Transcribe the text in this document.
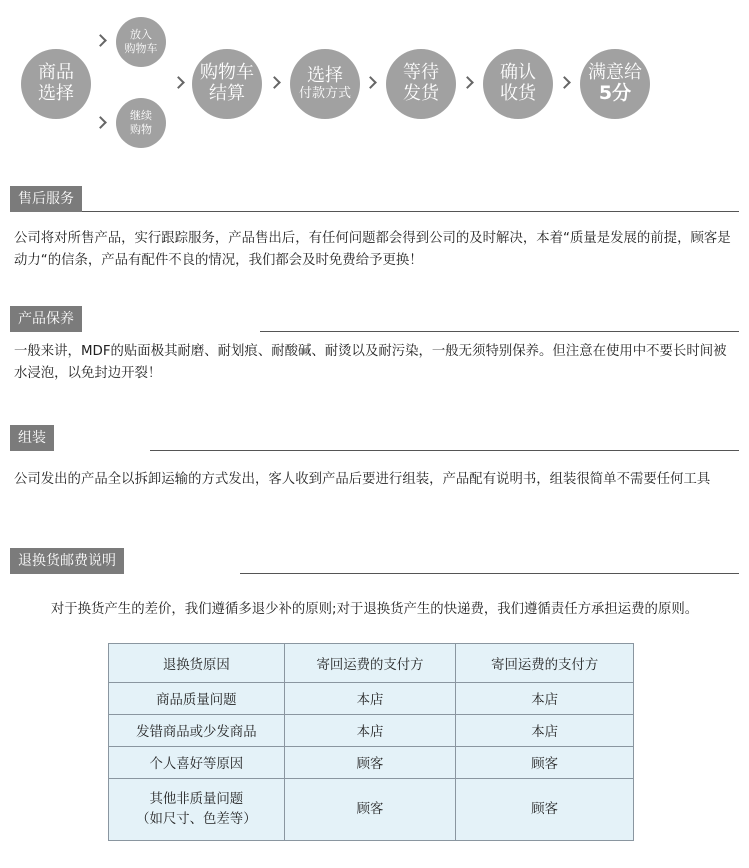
商品
选择
放入
购物车
继续
购物
购物车
结算
选择
付款方式
等待
发货
确认
收货
满意给
5分
售后服务
公司将对所售产品，实行跟踪服务，产品售出后，有任何问题都会得到公司的及时解决，本着“质量是发展的前提，顾客是动力“的信条，产品有配件不良的情况，我们都会及时免费给予更换！
产品保养
一般来讲，MDF的贴面极其耐磨、耐划痕、耐酸碱、耐烫以及耐污染，一般无须特别保养。但注意在使用中不要长时间被水浸泡，以免封边开裂！
组装
公司发出的产品全以拆卸运输的方式发出，客人收到产品后要进行组装，产品配有说明书，组装很简单不需要任何工具
退换货邮费说明
对于换货产生的差价，我们遵循多退少补的原则;对于退换货产生的快递费，我们遵循责任方承担运费的原则。
退换货原因	寄回运费的支付方	寄回运费的支付方
商品质量问题	本店	本店
发错商品或少发商品	本店	本店
个人喜好等原因	顾客	顾客

其他非质量问题
（如尺寸、色差等）	顾客	顾客
